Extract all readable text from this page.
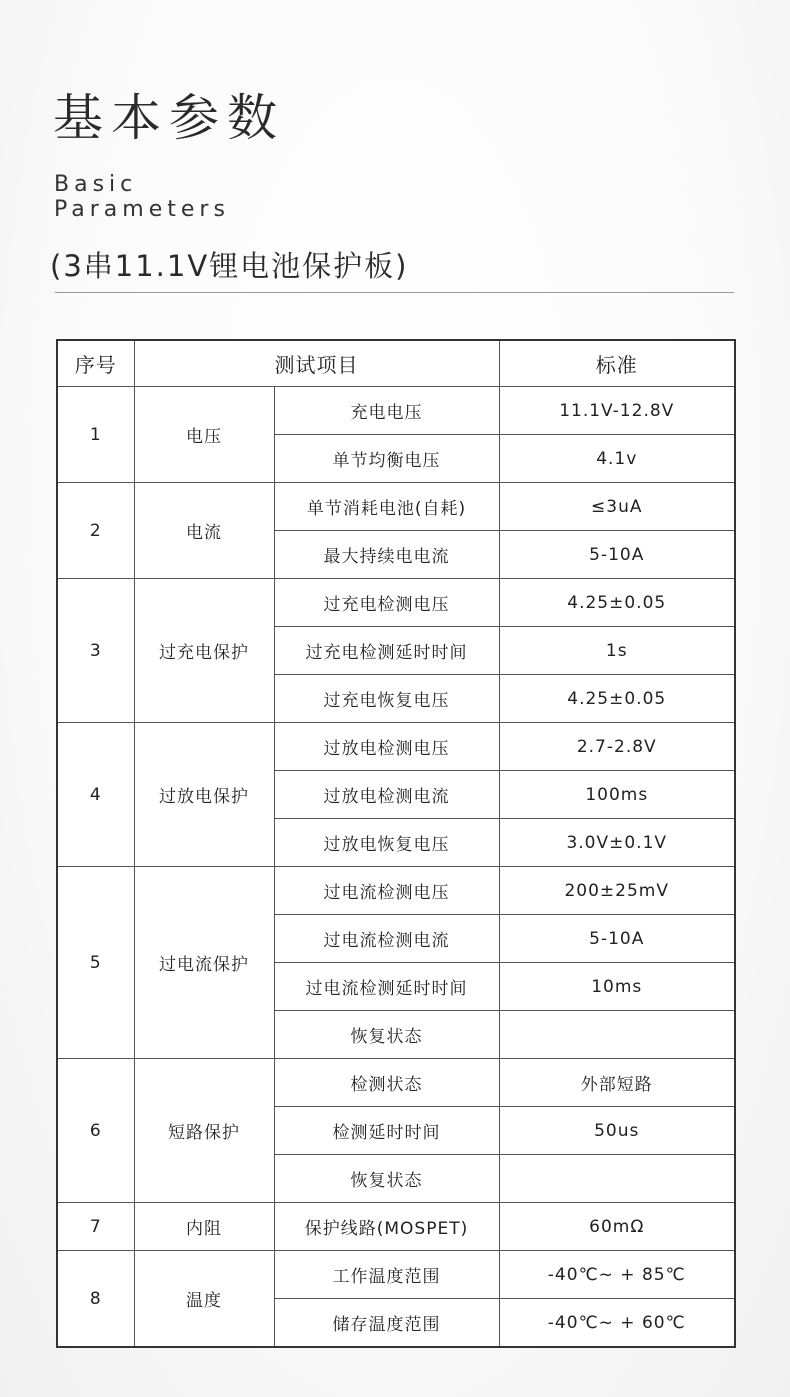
基本参数
Basic
Parameters
(3串11.1V锂电池保护板)
序号	测试项目		标准
1	电压	充电电压	11.1V-12.8V
		单节均衡电压	4.1v
2	电流	单节消耗电池(自耗)	≤3uA
		最大持续电电流	5-10A
3	过充电保护	过充电检测电压	4.25±0.05
		过充电检测延时时间	1s
		过充电恢复电压	4.25±0.05
4	过放电保护	过放电检测电压	2.7-2.8V
		过放电检测电流	100ms
		过放电恢复电压	3.0V±0.1V
5	过电流保护	过电流检测电压	200±25mV
		过电流检测电流	5-10A
		过电流检测延时时间	10ms
		恢复状态	
6	短路保护	检测状态	外部短路
		检测延时时间	50us
		恢复状态	
7	内阻	保护线路(MOSPET)	60mΩ
8	温度	工作温度范围	-40℃~ + 85℃
		储存温度范围	-40℃~ + 60℃
